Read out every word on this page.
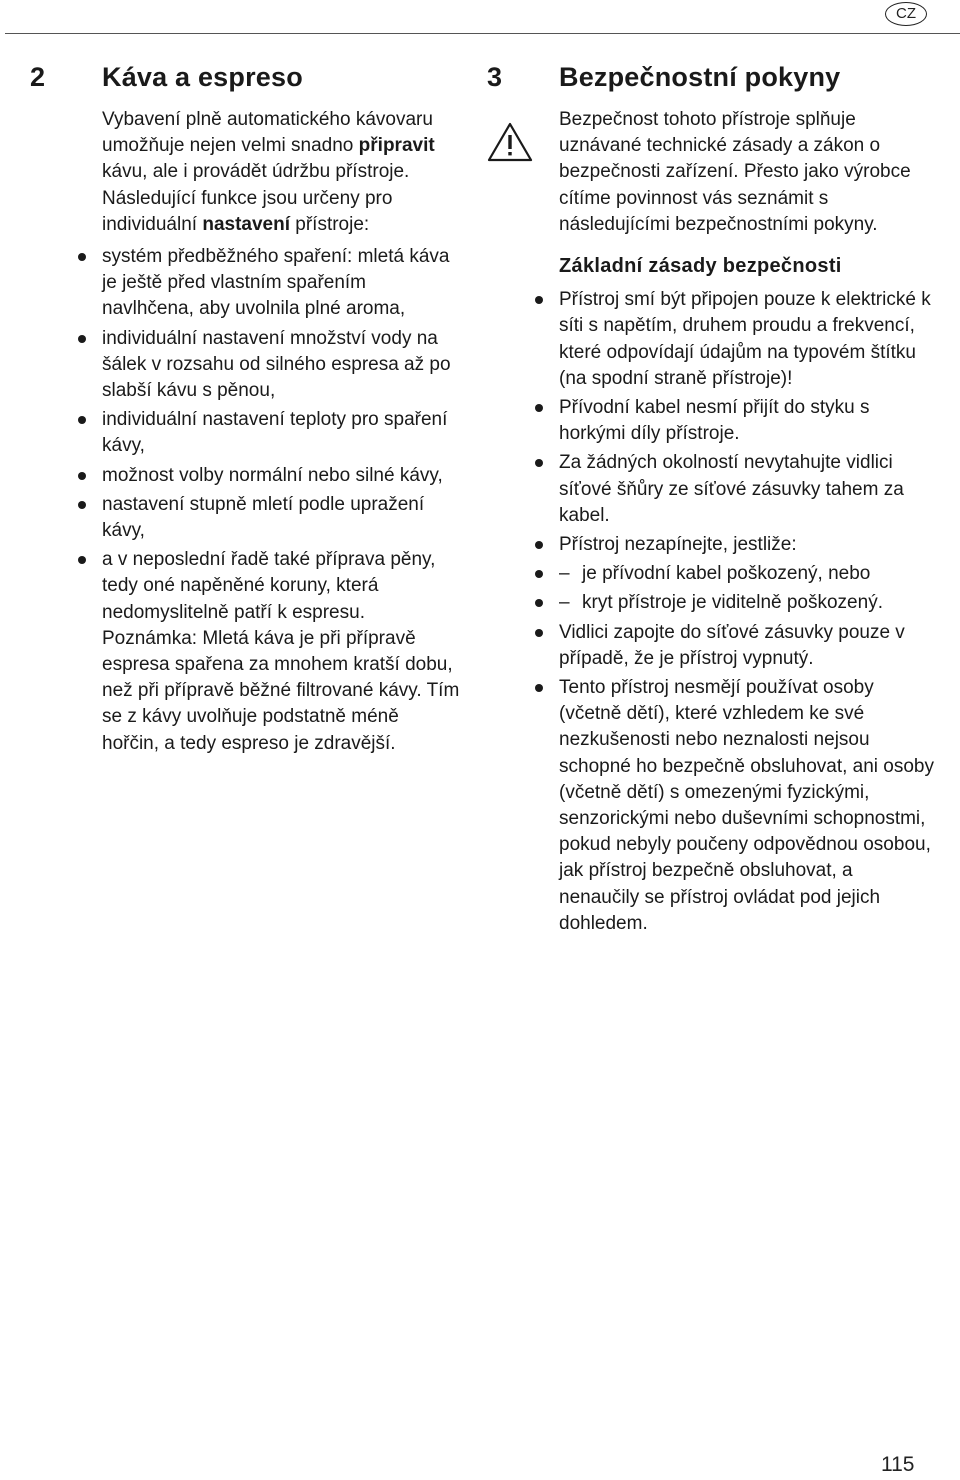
CZ
2	Káva a espreso

Vybavení plně automatického kávovaru umožňuje nejen velmi snadno připravit kávu, ale i provádět údržbu přístroje.

Následující funkce jsou určeny pro individuální nastavení přístroje:

systém předběžného spaření: mletá káva je ještě před vlastním spařením navlhčena, aby uvolnila plné aroma,
individuální nastavení množství vody na šálek v rozsahu od silného espresa až po slabší kávu s pěnou,
individuální nastavení teploty pro spaření kávy,
možnost volby normální nebo silné kávy,
nastavení stupně mletí podle upražení kávy,
a v neposlední řadě také příprava pěny, tedy oné napěněné koruny, která nedomyslitelně patří k espresu.

Poznámka: Mletá káva je při přípravě espresa spařena za mnohem kratší dobu, než při přípravě běžné filtrované kávy. Tím se z kávy uvolňuje podstatně méně hořčin, a tedy espreso je zdravější.

3	Bezpečnostní pokyny

Bezpečnost tohoto přístroje splňuje uznávané technické zásady a zákon o bezpečnosti zařízení. Přesto jako výrobce cítíme povinnost vás seznámit s následujícími bezpečnostními pokyny.

Základní zásady bezpečnosti
Přístroj smí být připojen pouze k elektrické k síti s napětím, druhem proudu a frekvencí, které odpovídají údajům na typovém štítku (na spodní straně přístroje)!
Přívodní kabel nesmí přijít do styku s horkými díly přístroje.
Za žádných okolností nevytahujte vidlici síťové šňůry ze síťové zásuvky tahem za kabel.
Přístroj nezapínejte, jestliže:
– je přívodní kabel poškozený, nebo
– kryt přístroje je viditelně poškozený.
Vidlici zapojte do síťové zásuvky pouze v případě, že je přístroj vypnutý.
Tento přístroj nesmějí používat osoby (včetně dětí), které vzhledem ke své nezkušenosti nebo neznalosti nejsou schopné ho bezpečně obsluhovat, ani osoby (včetně dětí) s omezenými fyzickými, senzorickými nebo duševními schopnostmi, pokud nebyly poučeny odpovědnou osobou, jak přístroj bezpečně obsluhovat, a nenaučily se přístroj ovládat pod jejich dohledem.
115
